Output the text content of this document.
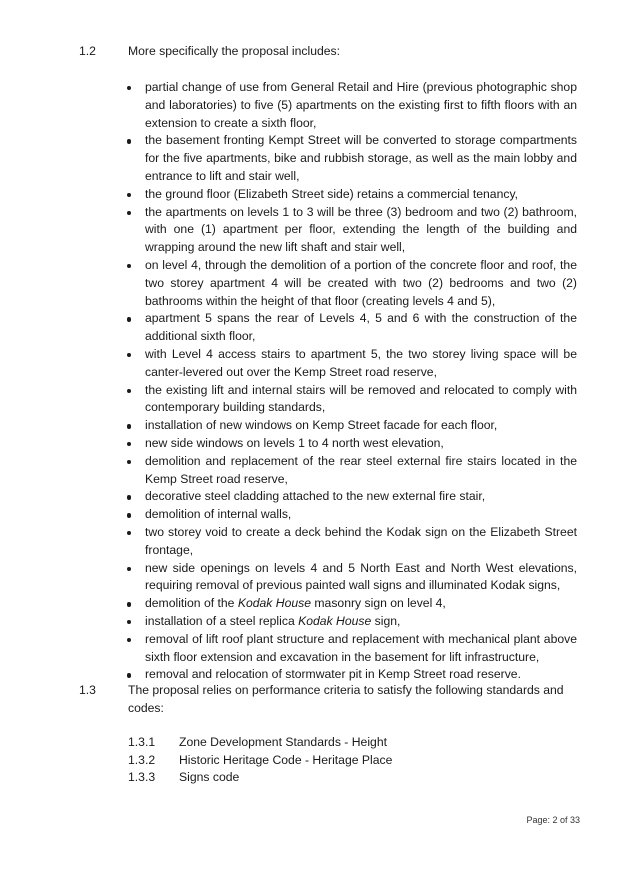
1.2	More specifically the proposal includes:
partial change of use from General Retail and Hire (previous photographic shop and laboratories) to five (5) apartments on the existing first to fifth floors with an extension to create a sixth floor,
the basement fronting Kempt Street will be converted to storage compartments for the five apartments, bike and rubbish storage, as well as the main lobby and entrance to lift and stair well,
the ground floor (Elizabeth Street side) retains a commercial tenancy,
the apartments on levels 1 to 3 will be three (3) bedroom and two (2) bathroom, with one (1) apartment per floor, extending the length of the building and wrapping around the new lift shaft and stair well,
on level 4, through the demolition of a portion of the concrete floor and roof, the two storey apartment 4 will be created with two (2) bedrooms and two (2) bathrooms within the height of that floor (creating levels 4 and 5),
apartment 5 spans the rear of Levels 4, 5 and 6 with the construction of the additional sixth floor,
with Level 4 access stairs to apartment 5, the two storey living space will be canter-levered out over the Kemp Street road reserve,
the existing lift and internal stairs will be removed and relocated to comply with contemporary building standards,
installation of new windows on Kemp Street facade for each floor,
new side windows on levels 1 to 4 north west elevation,
demolition and replacement of the rear steel external fire stairs located in the Kemp Street road reserve,
decorative steel cladding attached to the new external fire stair,
demolition of internal walls,
two storey void to create a deck behind the Kodak sign on the Elizabeth Street frontage,
new side openings on levels 4 and 5 North East and North West elevations, requiring removal of previous painted wall signs and illuminated Kodak signs,
demolition of the Kodak House masonry sign on level 4,
installation of a steel replica Kodak House sign,
removal of lift roof plant structure and replacement with mechanical plant above sixth floor extension and excavation in the basement for lift infrastructure,
removal and relocation of stormwater pit in Kemp Street road reserve.
1.3	The proposal relies on performance criteria to satisfy the following standards and codes:
1.3.1 Zone Development Standards - Height
1.3.2 Historic Heritage Code - Heritage Place
1.3.3 Signs code
Page: 2 of 33
